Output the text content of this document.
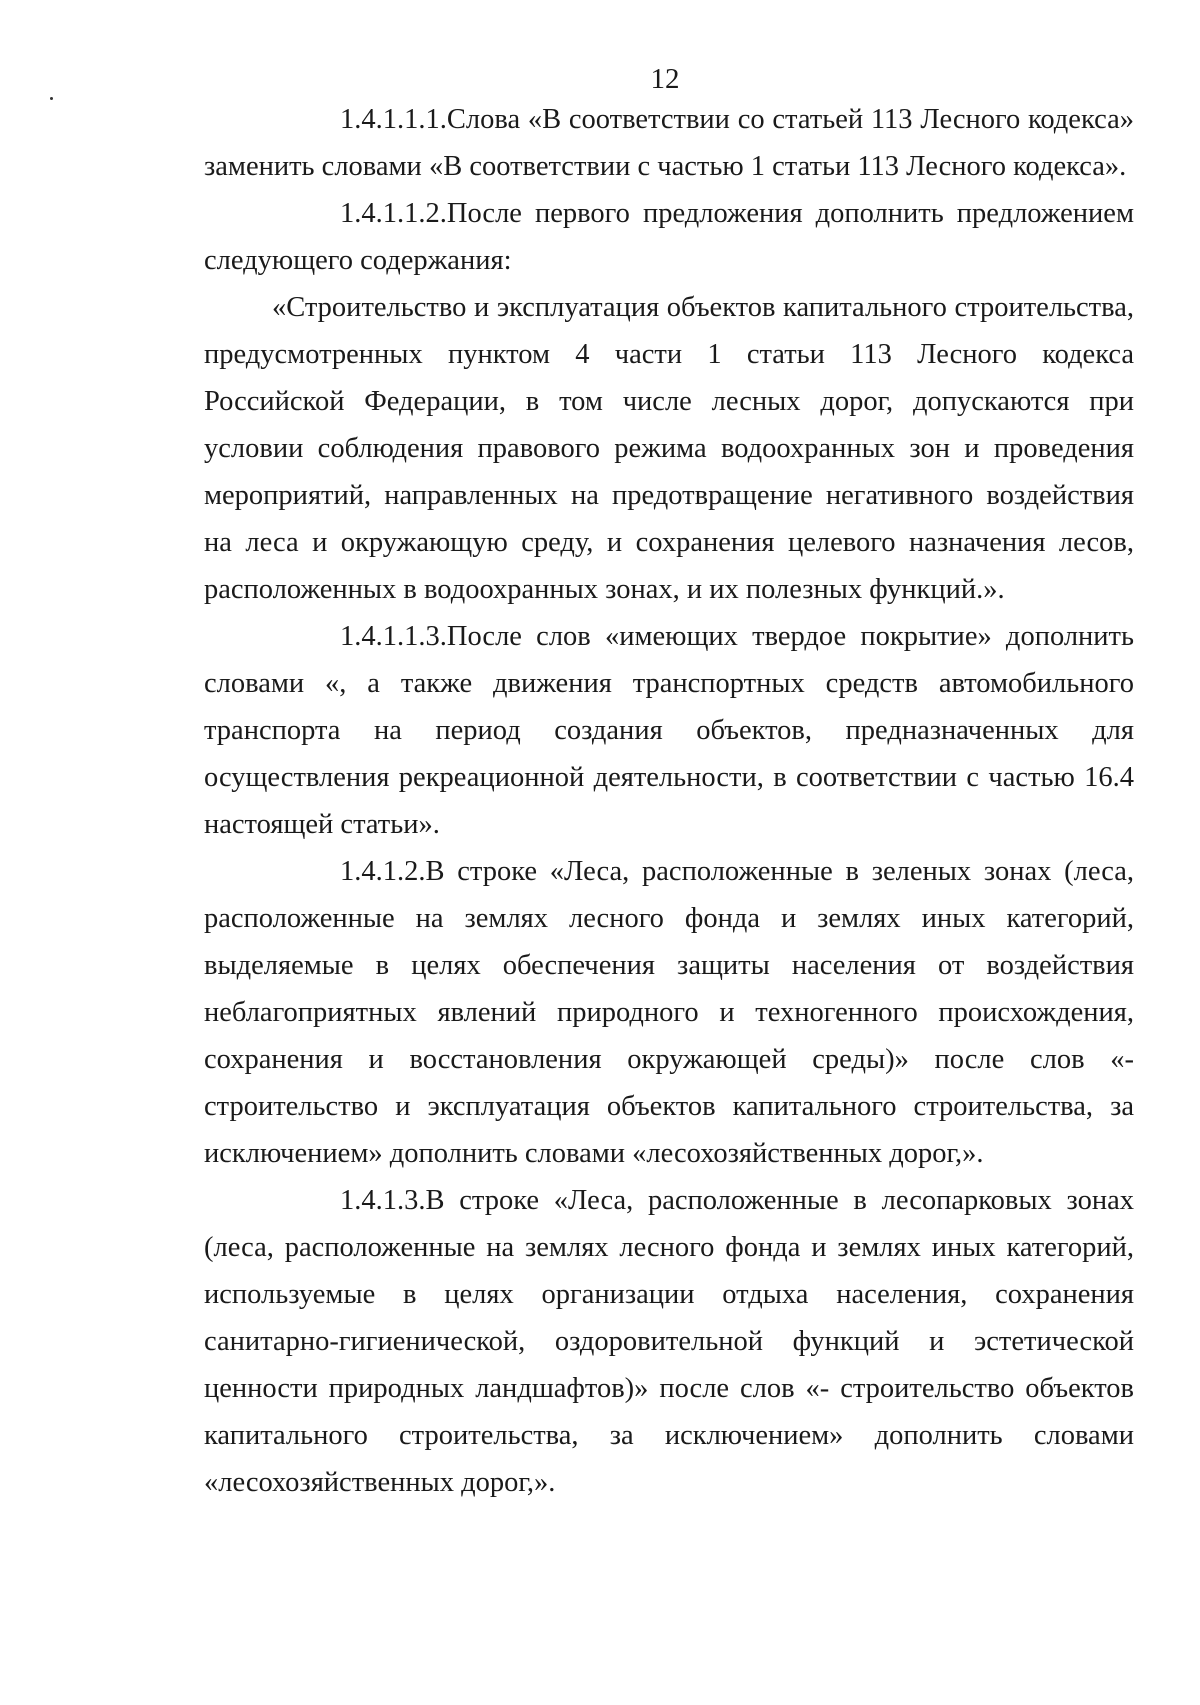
12

1.4.1.1.1.Слова «В соответствии со статьей 113 Лесного кодекса» заменить словами «В соответствии с частью 1 статьи 113 Лесного кодекса».

1.4.1.1.2.После первого предложения дополнить предложением следующего содержания:

«Строительство и эксплуатация объектов капитального строительства, предусмотренных пунктом 4 части 1 статьи 113 Лесного кодекса Российской Федерации, в том числе лесных дорог, допускаются при условии соблюдения правового режима водоохранных зон и проведения мероприятий, направленных на предотвращение негативного воздействия на леса и окружающую среду, и сохранения целевого назначения лесов, расположенных в водоохранных зонах, и их полезных функций.».

1.4.1.1.3.После слов «имеющих твердое покрытие» дополнить словами «, а также движения транспортных средств автомобильного транспорта на период создания объектов, предназначенных для осуществления рекреационной деятельности, в соответствии с частью 16.4 настоящей статьи».

1.4.1.2.В строке «Леса, расположенные в зеленых зонах (леса, расположенные на землях лесного фонда и землях иных категорий, выделяемые в целях обеспечения защиты населения от воздействия неблагоприятных явлений природного и техногенного происхождения, сохранения и восстановления окружающей среды)» после слов «- строительство и эксплуатация объектов капитального строительства, за исключением» дополнить словами «лесохозяйственных дорог,».

1.4.1.3.В строке «Леса, расположенные в лесопарковых зонах (леса, расположенные на землях лесного фонда и землях иных категорий, используемые в целях организации отдыха населения, сохранения санитарно-гигиенической, оздоровительной функций и эстетической ценности природных ландшафтов)» после слов «- строительство объектов капитального строительства, за исключением» дополнить словами «лесохозяйственных дорог,».
